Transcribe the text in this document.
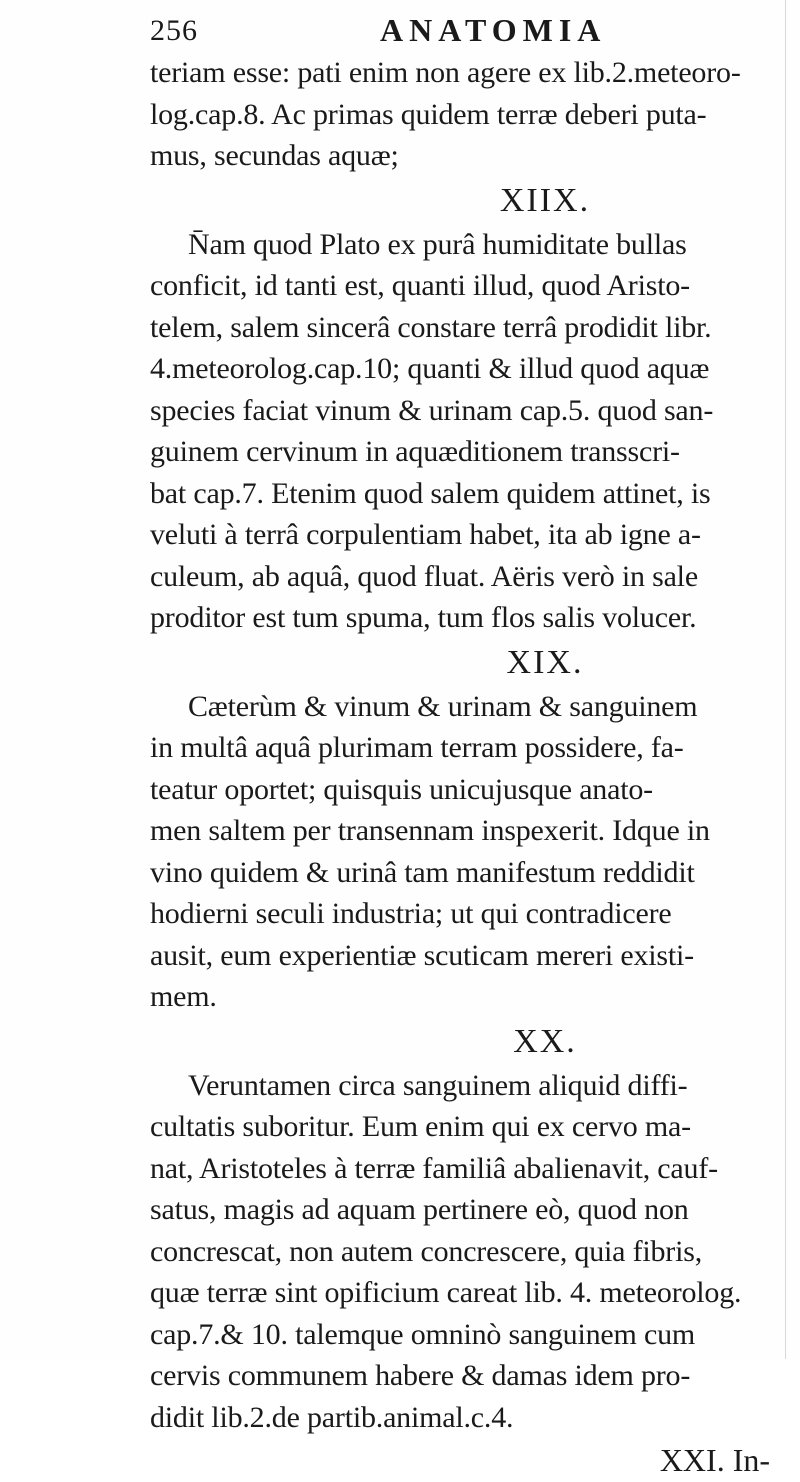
256	ANATOMIA
teriam esse: pati enim non agere ex lib.2.meteoro-
log.cap.8. Ac primas quidem terræ deberi puta-
mus, secundas aquæ;
XIIX.
N̄am quod Plato ex purâ humiditate bullas
conficit, id tanti est, quanti illud, quod Aristo-
telem, salem sincerâ constare terrâ prodidit libr.
4.meteorolog.cap.10; quanti & illud quod aquæ
species faciat vinum & urinam cap.5. quod san-
guinem cervinum in aquæditionem transscri-
bat cap.7. Etenim quod salem quidem attinet, is
veluti à terrâ corpulentiam habet, ita ab igne a-
culeum, ab aquâ, quod fluat. Aëris verò in sale
proditor est tum spuma, tum flos salis volucer.
XIX.
Cæterùm & vinum & urinam & sanguinem
in multâ aquâ plurimam terram possidere, fa-
teatur oportet; quisquis unicujusque anato-
men saltem per transennam inspexerit. Idque in
vino quidem & urinâ tam manifestum reddidit
hodierni seculi industria; ut qui contradicere
ausit, eum experientiæ scuticam mereri existi-
mem.
XX.
Veruntamen circa sanguinem aliquid diffi-
cultatis suboritur. Eum enim qui ex cervo ma-
nat, Aristoteles à terræ familiâ abalienavit, cauf-
satus, magis ad aquam pertinere eò, quod non
concrescat, non autem concrescere, quia fibris,
quæ terræ sint opificium careat lib. 4. meteorolog.
cap.7.& 10. talemque omninò sanguinem cum
cervis communem habere & damas idem pro-
didit lib.2.de partib.animal.c.4.
XXI. In-
